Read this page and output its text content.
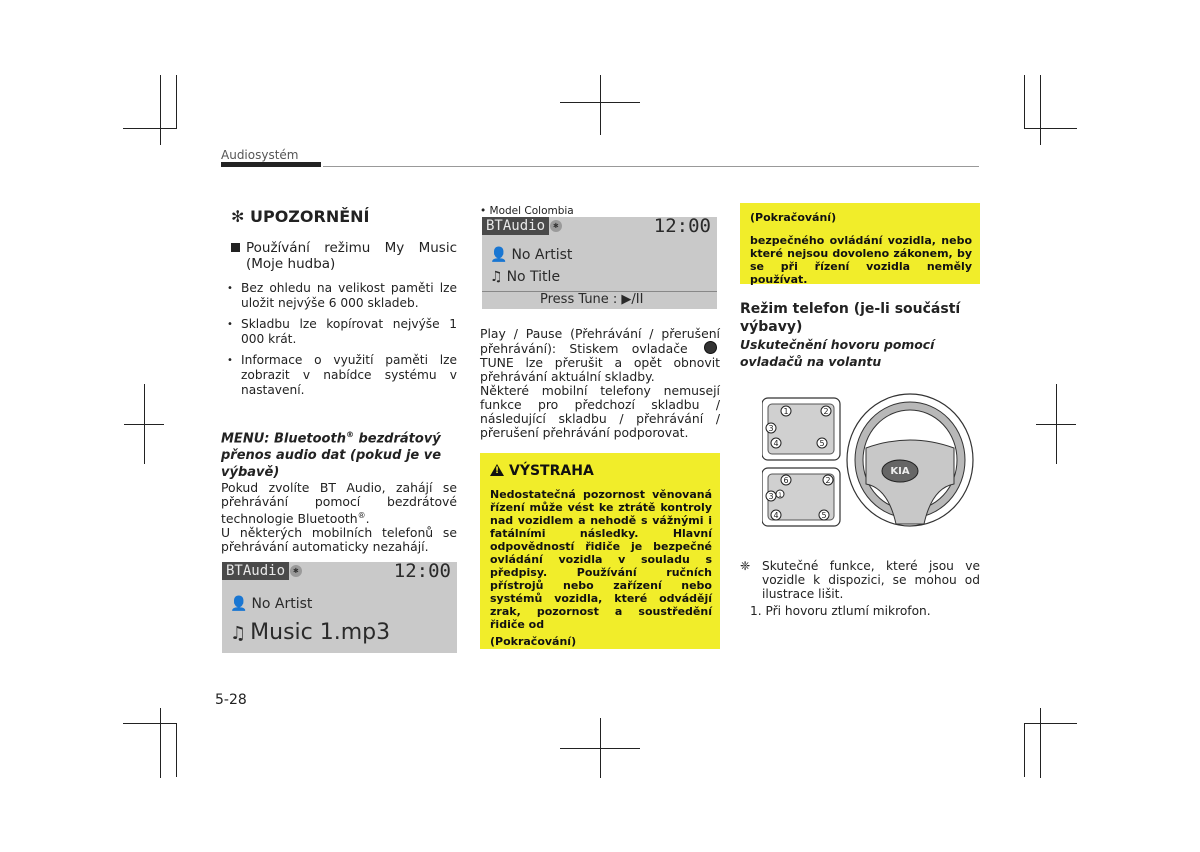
Audiosystém
✻ UPOZORNĚNÍ
Používání režimu My Music (Moje hudba)
• Bez ohledu na velikost paměti lze uložit nejvýše 6 000 skladeb.
• Skladbu lze kopírovat nejvýše 1 000 krát.
• Informace o využití paměti lze zobrazit v nabídce systému v nastavení.
MENU: Bluetooth® bezdrátový přenos audio dat (pokud je ve výbavě)
Pokud zvolíte BT Audio, zahájí se přehrávání pomocí bezdrátové technologie Bluetooth®.
U některých mobilních telefonů se přehrávání automaticky nezahájí.
BTAudio ✱	12:00
👤 No Artist
♫ Music 1.mp3
• Model Colombia
BTAudio ✱	12:00
👤 No Artist
♫ No Title
Press Tune : ▶/II
Play / Pause (Přehrávání / přerušení přehrávání): Stiskem ovladače TUNE lze přerušit a opět obnovit přehrávání aktuální skladby.
Některé mobilní telefony nemusejí funkce pro předchozí skladbu / následující skladbu / přehrávání / přerušení přehrávání podporovat.
!VÝSTRAHA
Nedostatečná pozornost věnovaná řízení může vést ke ztrátě kontroly nad vozidlem a nehodě s vážnými i fatálními následky. Hlavní odpovědností řidiče je bezpečné ovládání vozidla v souladu s předpisy. Používání ručních přístrojů nebo zařízení nebo systémů vozidla, které odvádějí zrak, pozornost a soustředění řidiče od
(Pokračování)
(Pokračování)
bezpečného ovládání vozidla, nebo které nejsou dovoleno zákonem, by se při řízení vozidla neměly používat.
Režim telefon (je-li součástí výbavy)
Uskutečnění hovoru pomocí ovladačů na volantu
1	2
3
4	5
6	2
3
4	5
1
KIA
❈ Skutečné funkce, které jsou ve vozidle k dispozici, se mohou od ilustrace lišit.
1. Při hovoru ztlumí mikrofon.
5-28
